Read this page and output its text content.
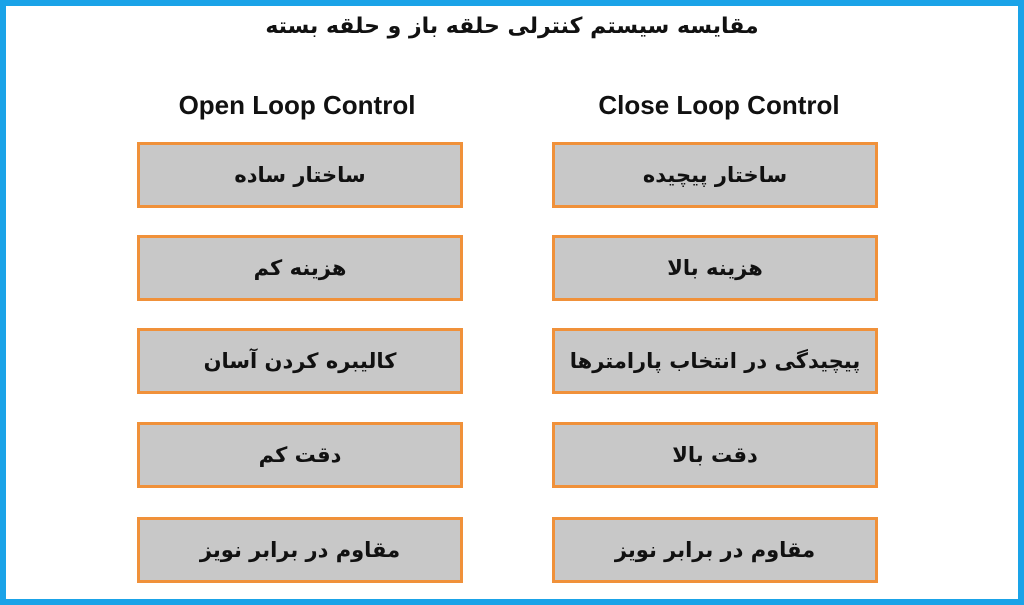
مقایسه سیستم کنترلی حلقه باز و حلقه بسته
Open Loop Control	Close Loop Control
ساختار ساده
هزینه کم
کالیبره کردن آسان
دقت کم
مقاوم در برابر نویز
ساختار پیچیده
هزینه بالا
پیچیدگی در انتخاب پارامترها
دقت بالا
مقاوم در برابر نویز
